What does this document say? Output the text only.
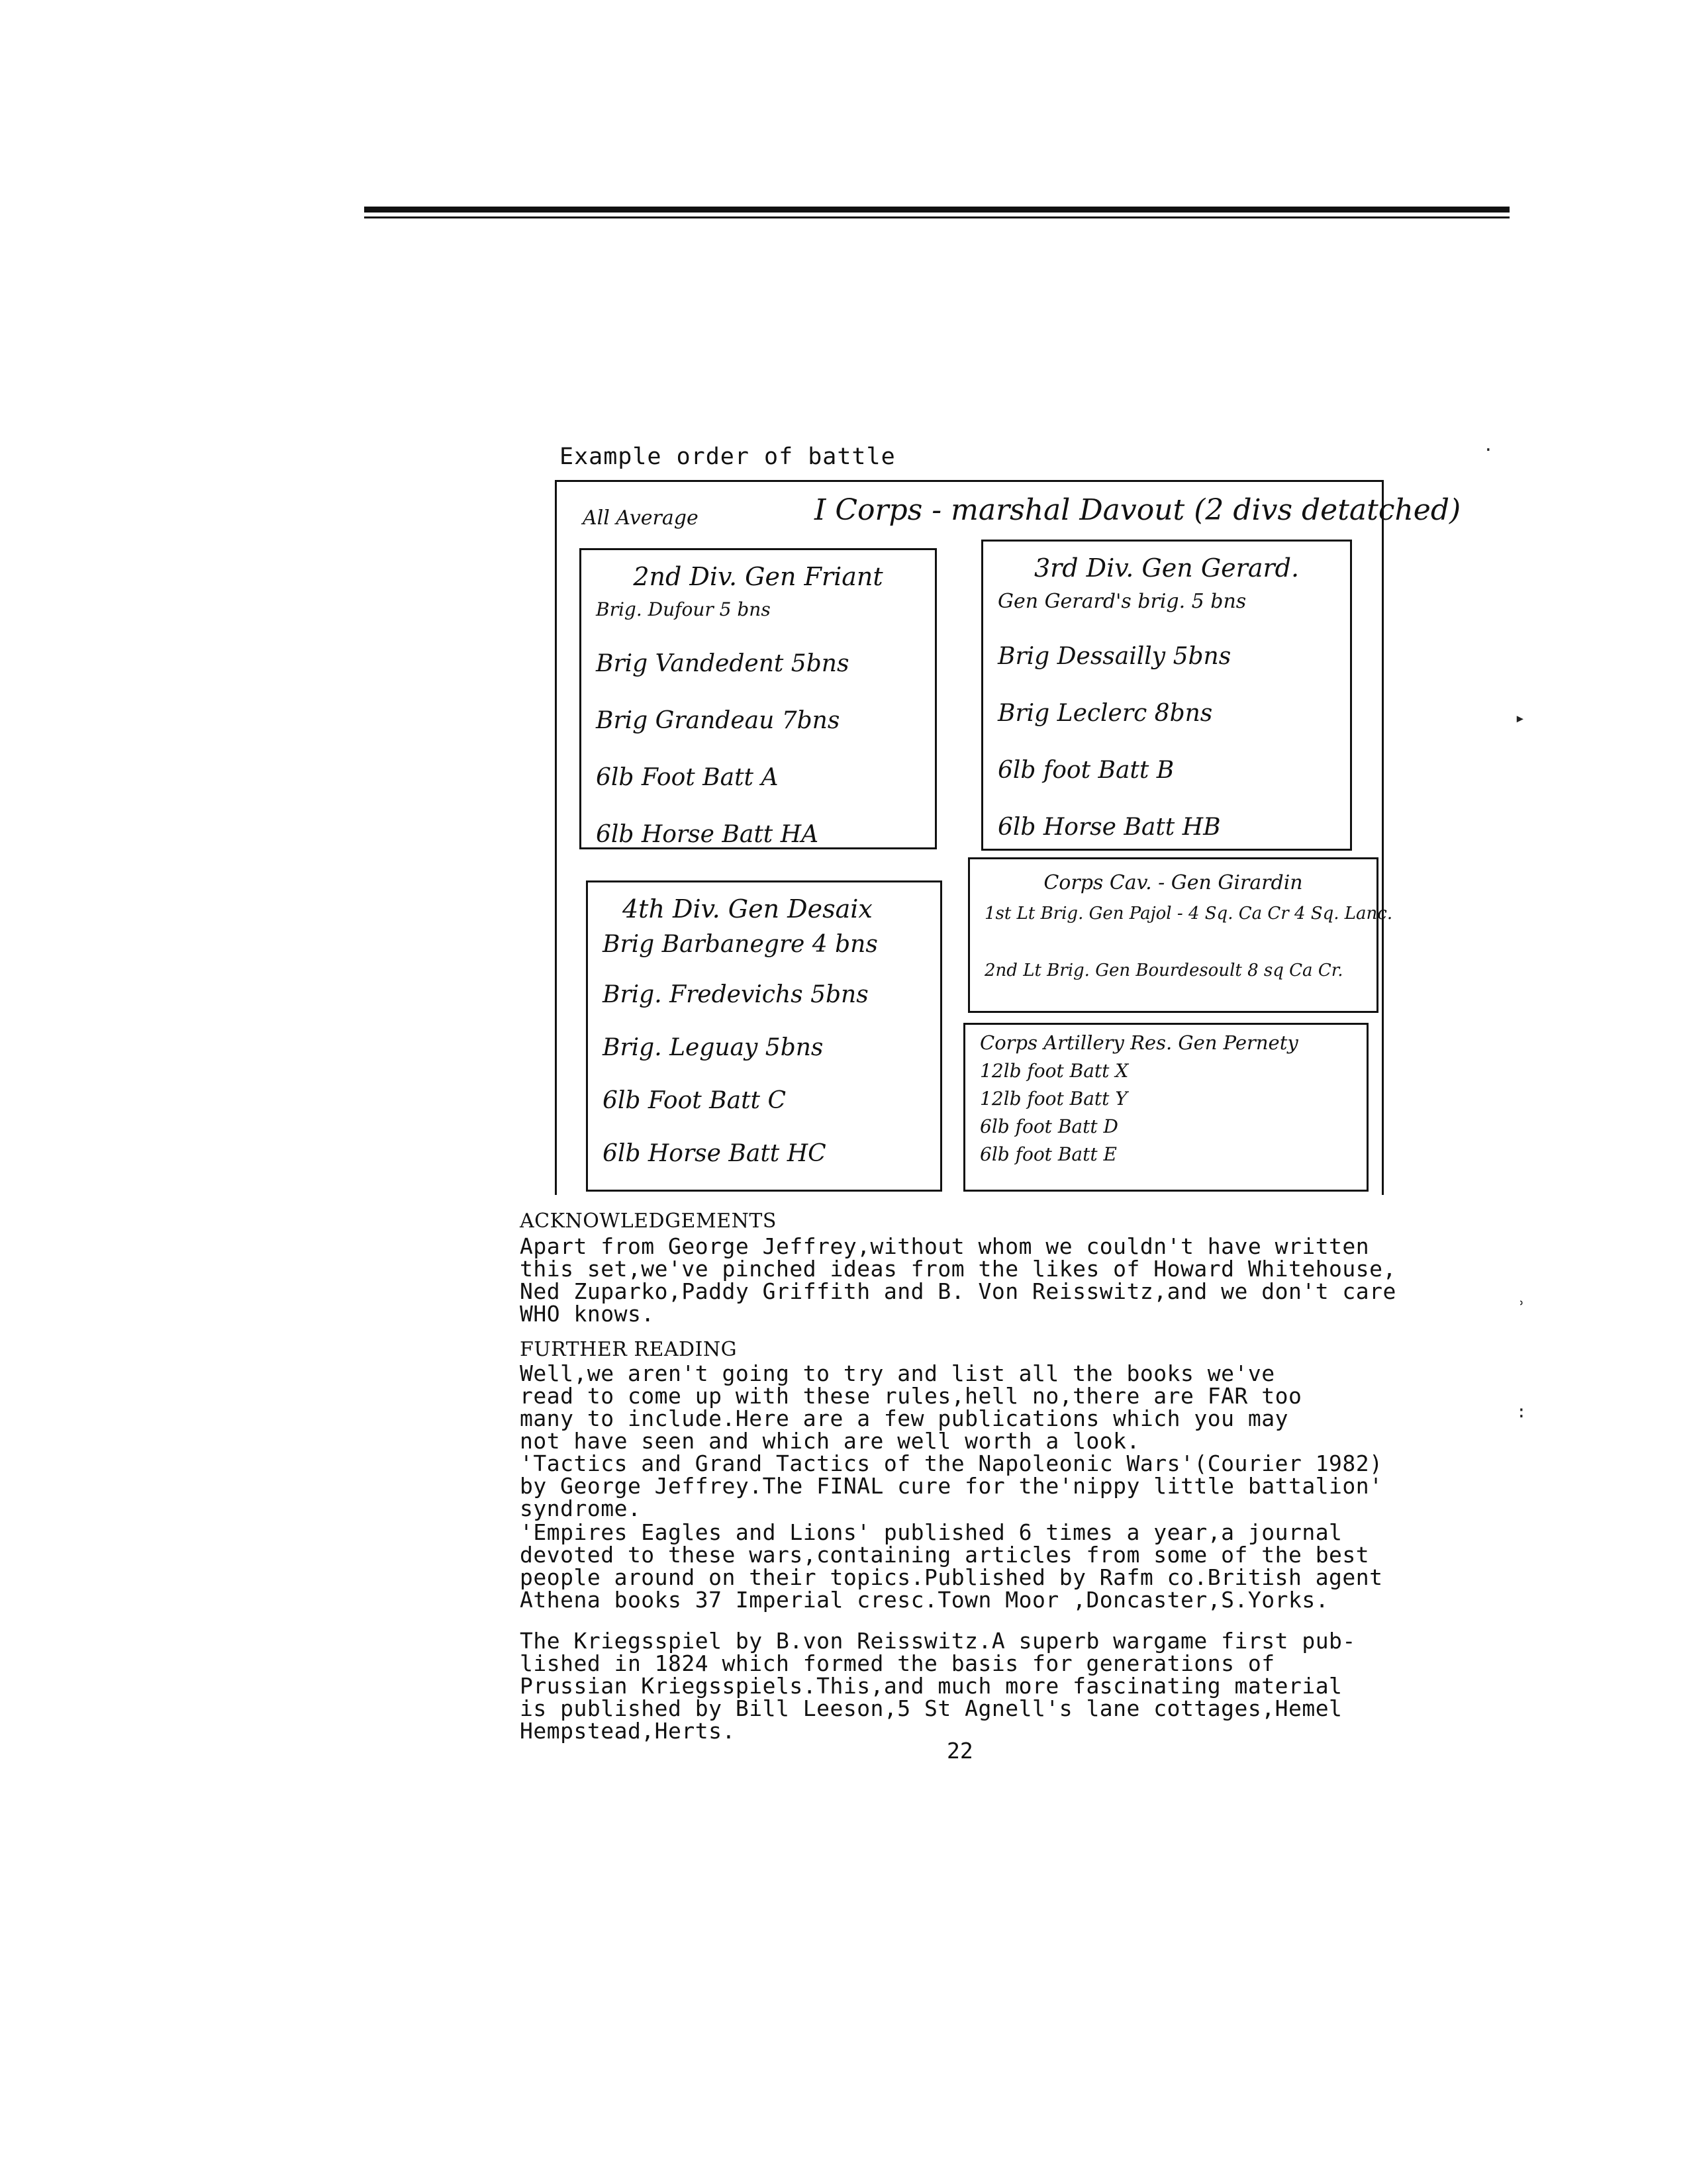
Example order of battle
All Average	I Corps - marshal Davout (2 divs detatched)
2nd Div. Gen Friant

Brig. Dufour 5 bns

Brig Vandedent 5bns

Brig Grandeau 7bns

6lb Foot Batt A

6lb Horse Batt HA

3rd Div. Gen Gerard.

Gen Gerard's brig. 5 bns

Brig Dessailly 5bns

Brig Leclerc 8bns

6lb foot Batt B

6lb Horse Batt HB

4th Div. Gen Desaix

Brig Barbanegre 4 bns

Brig. Fredevichs 5bns

Brig. Leguay 5bns

6lb Foot Batt C

6lb Horse Batt HC

Corps Cav. - Gen Girardin

1st Lt Brig. Gen Pajol - 4 Sq. Ca Cr 4 Sq. Lanc.

2nd Lt Brig. Gen Bourdesoult 8 sq Ca Cr.

Corps Artillery Res. Gen Pernety

12lb foot Batt X

12lb foot Batt Y

6lb foot Batt D

6lb foot Batt E

ACKNOWLEDGEMENTS
Apart from George Jeffrey,without whom we couldn't have written
this set,we've pinched ideas from the likes of Howard Whitehouse,
Ned Zuparko,Paddy Griffith and B. Von Reisswitz,and we don't care
WHO knows.
FURTHER READING
Well,we aren't going to try and list all the books we've
read to come up with these rules,hell no,there are FAR too
many to include.Here are a few publications which you may
not have seen and which are well worth a look.
'Tactics and Grand Tactics of the Napoleonic Wars'(Courier 1982)
by George Jeffrey.The FINAL cure for the'nippy little battalion'
syndrome.
'Empires Eagles and Lions' published 6 times a year,a journal
devoted to these wars,containing articles from some of the best
people around on their topics.Published by Rafm co.British agent
Athena books 37 Imperial cresc.Town Moor ,Doncaster,S.Yorks.
The Kriegsspiel by B.von Reisswitz.A superb wargame first pub-
lished in 1824 which formed the basis for generations of
Prussian Kriegsspiels.This,and much more fascinating material
is published by Bill Leeson,5 St Agnell's lane cottages,Hemel
Hempstead,Herts.
22
·
▸
˒
:
